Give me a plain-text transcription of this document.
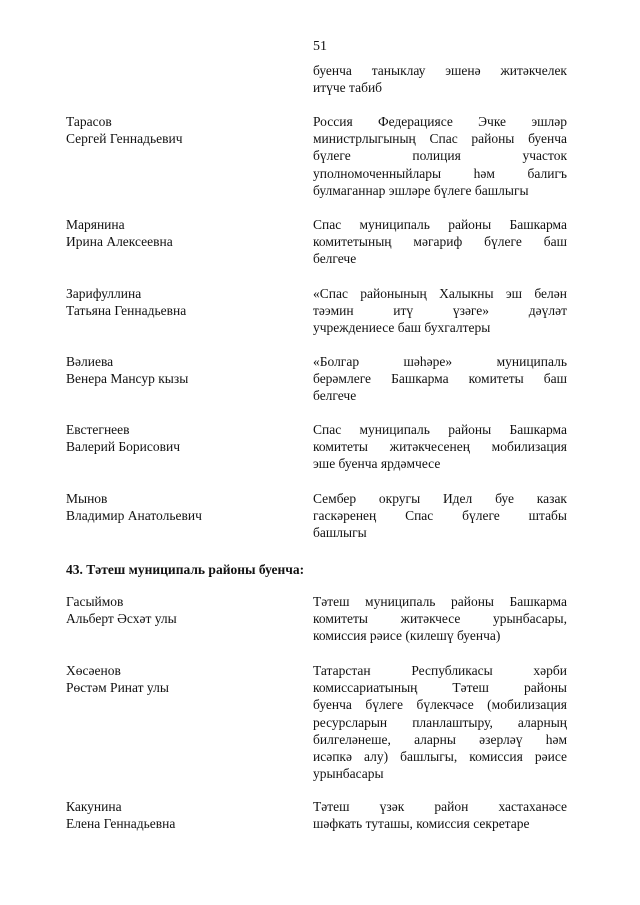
51
буенча таныклау эшенә житәкчелек
итүче табиб
Тарасов
Сергей Геннадьевич
Россия Федерациясе Эчке эшләр
министрлыгының Спас районы буенча
бүлеге полиция участок
уполномоченныйлары һәм балигъ
булмаганнар эшләре бүлеге башлыгы
Марянина
Ирина Алексеевна
Спас муниципаль районы Башкарма
комитетының мәгариф бүлеге баш
белгече
Зарифуллина
Татьяна Геннадьевна
«Спас районының Халыкны эш белән
тәэмин итү үзәге» дәүләт
учреждениесе баш бухгалтеры
Вәлиева
Венера Мансур кызы
«Болгар шәһәре» муниципаль
берәмлеге Башкарма комитеты баш
белгече
Евстегнеев
Валерий Борисович
Спас муниципаль районы Башкарма
комитеты житәкчесенең мобилизация
эше буенча ярдәмчесе
Мынов
Владимир Анатольевич
Сембер округы Идел буе казак
гаскәренең Спас бүлеге штабы
башлыгы
43. Тәтеш муниципаль районы буенча:
Гасыймов
Альберт Әсхәт улы
Тәтеш муниципаль районы Башкарма
комитеты житәкчесе урынбасары,
комиссия рәисе (килешү буенча)
Хөсәенов
Рөстәм Ринат улы
Татарстан Республикасы хәрби
комиссариатының Тәтеш районы
буенча бүлеге бүлекчәсе (мобилизация
ресурсларын планлаштыру, аларның
билгеләнеше, аларны әзерләү һәм
исәпкә алу) башлыгы, комиссия рәисе
урынбасары
Какунина
Елена Геннадьевна
Тәтеш үзәк район хастаханәсе
шәфкать туташы, комиссия секретаре
